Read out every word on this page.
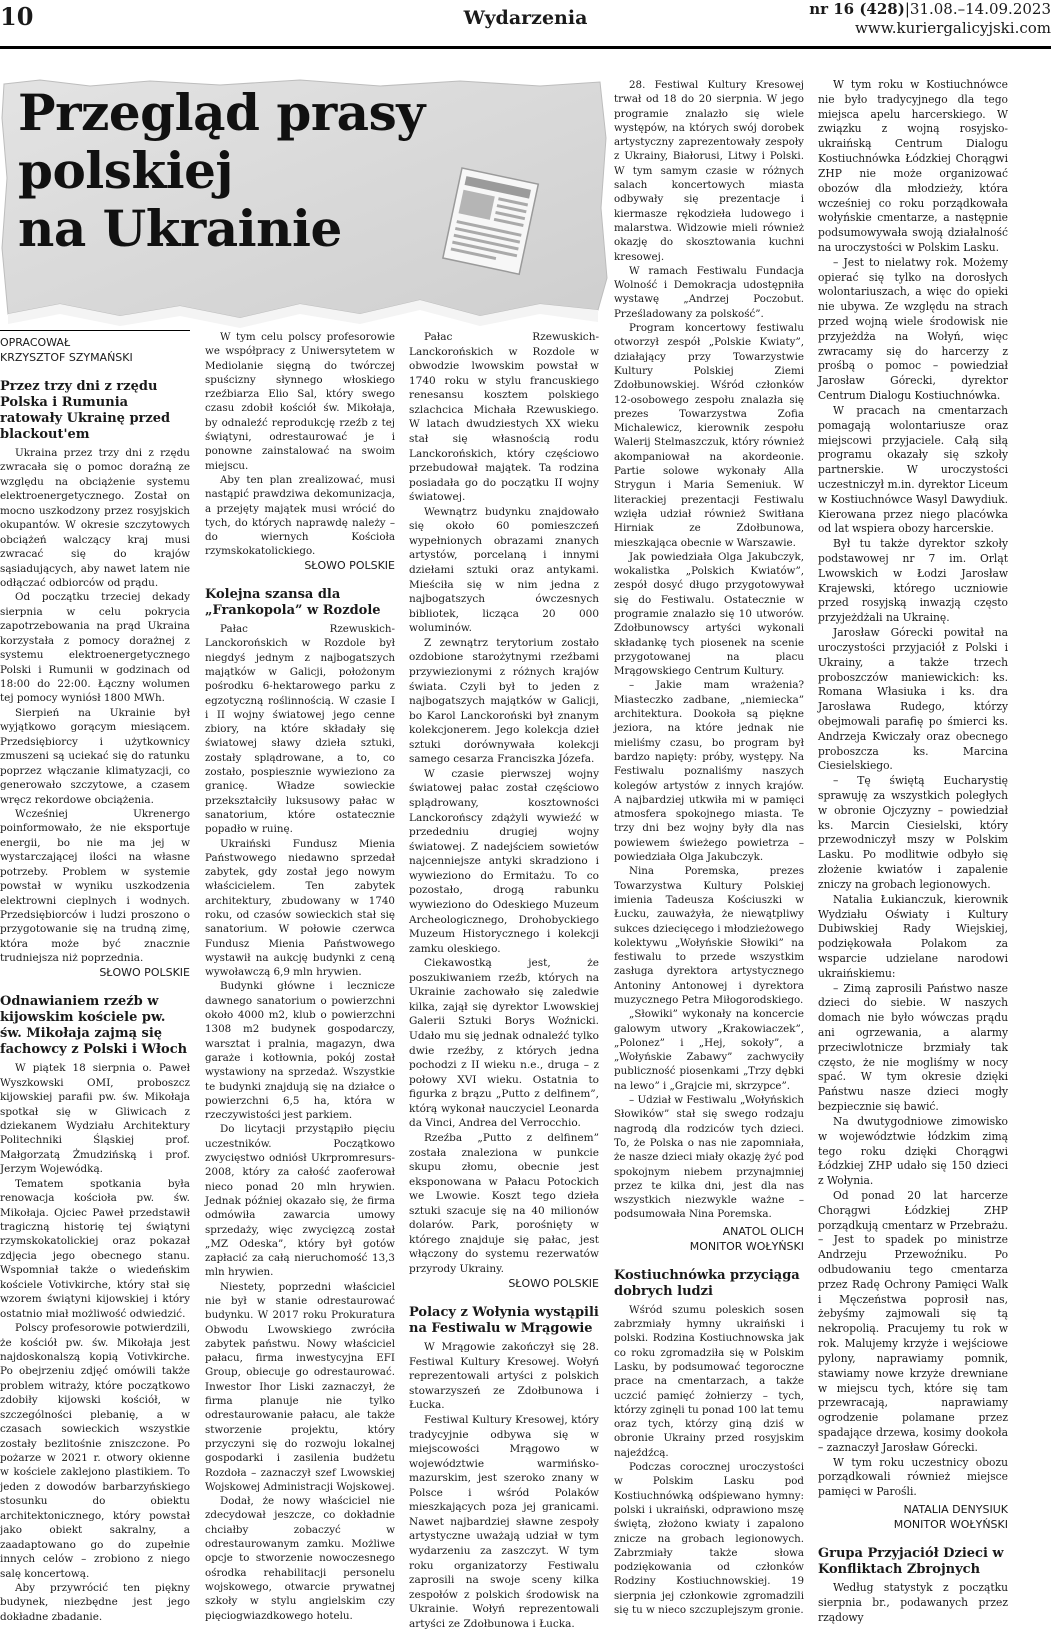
10	Wydarzenia	nr 16 (428)|31.08.–14.09.2023
www.kuriergalicyjski.com
Przegląd prasy
polskiej
na Ukrainie
OPRACOWAŁ
KRZYSZTOF SZYMAŃSKI
Przez trzy dni z rzędu Polska i Rumunia ratowały Ukrainę przed blackout'em

Ukraina przez trzy dni z rzędu zwracała się o pomoc doraźną ze względu na obciążenie systemu elektroenergetycznego. Został on mocno uszkodzony przez rosyjskich okupantów. W okresie szczytowych obciążeń walczący kraj musi zwracać się do krajów sąsiadujących, aby nawet latem nie odłączać odbiorców od prądu.

Od początku trzeciej dekady sierpnia w celu pokrycia zapotrzebowania na prąd Ukraina korzystała z pomocy dorażnej z systemu elektroenergetycznego Polski i Rumunii w godzinach od 18:00 do 22:00. Łączny wolumen tej pomocy wyniósł 1800 MWh.

Sierpień na Ukrainie był wyjątkowo gorącym miesiącem. Przedsiębiorcy i użytkownicy zmuszeni są uciekać się do ratunku poprzez włączanie klimatyzacji, co generowało szczytowe, a czasem wręcz rekordowe obciążenia.

Wcześniej Ukrenergo poinformowało, że nie eksportuje energii, bo nie ma jej w wystarczającej ilości na własne potrzeby. Problem w systemie powstał w wyniku uszkodzenia elektrowni cieplnych i wodnych. Przedsiębiorców i ludzi proszono o przygotowanie się na trudną zimę, która może być znacznie trudniejsza niż poprzednia.

SŁOWO POLSKIE

Odnawianiem rzeźb w kijowskim kościele pw. św. Mikołaja zajmą się fachowcy z Polski i Włoch

W piątek 18 sierpnia o. Paweł Wyszkowski OMI, proboszcz kijowskiej parafii pw. św. Mikołaja spotkał się w Gliwicach z dziekanem Wydziału Architektury Politechniki Śląskiej prof. Małgorzatą Żmudzińską i prof. Jerzym Wojewódką.

Tematem spotkania była renowacja kościoła pw. św. Mikołaja. Ojciec Paweł przedstawił tragiczną historię tej świątyni rzymskokatolickiej oraz pokazał zdjęcia jego obecnego stanu. Wspomniał także o wiedeńskim kościele Votivkirche, który stał się wzorem świątyni kijowskiej i który ostatnio miał możliwość odwiedzić.

Polscy profesorowie potwierdzili, że kościół pw. św. Mikołaja jest najdoskonalszą kopią Votivkirche. Po obejrzeniu zdjęć omówili także problem witraży, które początkowo zdobiły kijowski kościół, w szczególności plebanię, a w czasach sowieckich wszystkie zostały bezlitośnie zniszczone. Po pożarze w 2021 r. otwory okienne w kościele zaklejono plastikiem. To jeden z dowodów barbarzyńskiego stosunku do obiektu architektonicznego, który powstał jako obiekt sakralny, a zaadaptowano go do zupełnie innych celów – zrobiono z niego salę koncertową.

Aby przywrócić ten piękny budynek, niezbędne jest jego dokładne zbadanie.

W tym celu polscy profesorowie we współpracy z Uniwersytetem w Mediolanie sięgną do twórczej spuścizny słynnego włoskiego rzeźbiarza Elio Sal, który swego czasu zdobił kościół św. Mikołaja, by odnaleźć reprodukcję rzeźb z tej świątyni, odrestaurować je i ponowne zainstalować na swoim miejscu.

Aby ten plan zrealizować, musi nastąpić prawdziwa dekomunizacja, a przejęty majątek musi wrócić do tych, do których naprawdę należy – do wiernych Kościoła rzymskokatolickiego.

SŁOWO POLSKIE

Kolejna szansa dla „Frankopola” w Rozdole

Pałac Rzewuskich-Lanckorońskich w Rozdole był niegdyś jednym z najbogatszych majątków w Galicji, położonym pośrodku 6-hektarowego parku z egzotyczną roślinnością. W czasie I i II wojny światowej jego cenne zbiory, na które składały się światowej sławy dzieła sztuki, zostały splądrowane, a to, co zostało, pospiesznie wywieziono za granicę. Władze sowieckie przekształciły luksusowy pałac w sanatorium, które ostatecznie popadło w ruinę.

Ukraiński Fundusz Mienia Państwowego niedawno sprzedał zabytek, gdy został jego nowym właścicielem. Ten zabytek architektury, zbudowany w 1740 roku, od czasów sowieckich stał się sanatorium. W połowie czerwca Fundusz Mienia Państwowego wystawił na aukcję budynki z ceną wywoławczą 6,9 mln hrywien.

Budynki główne i lecznicze dawnego sanatorium o powierzchni około 4000 m2, klub o powierzchni 1308 m2 budynek gospodarczy, warsztat i pralnia, magazyn, dwa garaże i kotłownia, pokój został wystawiony na sprzedaż. Wszystkie te budynki znajdują się na działce o powierzchni 6,5 ha, która w rzeczywistości jest parkiem.

Do licytacji przystąpiło pięciu uczestników. Początkowo zwycięstwo odniósł Ukrpromresurs-2008, który za całość zaoferował nieco ponad 20 mln hrywien. Jednak później okazało się, że firma odmówiła zawarcia umowy sprzedaży, więc zwycięzcą został „MZ Odeska”, który był gotów zapłacić za całą nieruchomość 13,3 mln hrywien.

Niestety, poprzedni właściciel nie był w stanie odrestaurować budynku. W 2017 roku Prokuratura Obwodu Lwowskiego zwróciła zabytek państwu. Nowy właściciel pałacu, firma inwestycyjna EFI Group, obiecuje go odrestaurować. Inwestor Ihor Liski zaznaczył, że firma planuje nie tylko odrestaurowanie pałacu, ale także stworzenie projektu, który przyczyni się do rozwoju lokalnej gospodarki i zasilenia budżetu Rozdoła – zaznaczył szef Lwowskiej Wojskowej Administracji Wojskowej.

Dodał, że nowy właściciel nie zdecydował jeszcze, co dokładnie chciałby zobaczyć w odrestaurowanym zamku. Możliwe opcje to stworzenie nowoczesnego ośrodka rehabilitacji personelu wojskowego, otwarcie prywatnej szkoły w stylu angielskim czy pięciogwiazdkowego hotelu.

Pałac Rzewuskich-Lanckorońskich w Rozdole w obwodzie lwowskim powstał w 1740 roku w stylu francuskiego renesansu kosztem polskiego szlachcica Michała Rzewuskiego. W latach dwudziestych XX wieku stał się własnością rodu Lanckorońskich, który częściowo przebudował majątek. Ta rodzina posiadała go do początku II wojny światowej.

Wewnątrz budynku znajdowało się około 60 pomieszczeń wypełnionych obrazami znanych artystów, porcelaną i innymi dziełami sztuki oraz antykami. Mieściła się w nim jedna z najbogatszych ówczesnych bibliotek, licząca 20 000 woluminów.

Z zewnątrz terytorium zostało ozdobione starożytnymi rzeźbami przywiezionymi z różnych krajów świata. Czyli był to jeden z najbogatszych majątków w Galicji, bo Karol Lanckoroński był znanym kolekcjonerem. Jego kolekcja dzieł sztuki dorównywała kolekcji samego cesarza Franciszka Józefa.

W czasie pierwszej wojny światowej pałac został częściowo splądrowany, kosztowności Lanckorońscy zdążyli wywieźć w przededniu drugiej wojny światowej. Z nadejściem sowietów najcenniejsze antyki skradziono i wywieziono do Ermitażu. To co pozostało, drogą rabunku wywieziono do Odeskiego Muzeum Archeologicznego, Drohobyckiego Muzeum Historycznego i kolekcji zamku oleskiego.

Ciekawostką jest, że poszukiwaniem rzeźb, których na Ukrainie zachowało się zaledwie kilka, zajął się dyrektor Lwowskiej Galerii Sztuki Borys Woźnicki. Udało mu się jednak odnaleźć tylko dwie rzeźby, z których jedna pochodzi z II wieku n.e., druga – z połowy XVI wieku. Ostatnia to figurka z brązu „Putto z delfinem”, którą wykonał nauczyciel Leonarda da Vinci, Andrea del Verrocchio.

Rzeźba „Putto z delfinem” została znaleziona w punkcie skupu złomu, obecnie jest eksponowana w Pałacu Potockich we Lwowie. Koszt tego dzieła sztuki szacuje się na 40 milionów dolarów. Park, porośnięty w którego znajduje się pałac, jest włączony do systemu rezerwatów przyrody Ukrainy.

SŁOWO POLSKIE

Polacy z Wołynia wystąpili na Festiwalu w Mrągowie

W Mrągowie zakończył się 28. Festiwal Kultury Kresowej. Wołyń reprezentowali artyści z polskich stowarzyszeń ze Zdołbunowa i Łucka.

Festiwal Kultury Kresowej, który tradycyjnie odbywa się w miejscowości Mrągowo w województwie warmińsko-mazurskim, jest szeroko znany w Polsce i wśród Polaków mieszkających poza jej granicami. Nawet najbardziej sławne zespoły artystyczne uważają udział w tym wydarzeniu za zaszczyt. W tym roku organizatorzy Festiwalu zaprosili na swoje sceny kilka zespołów z polskich środowisk na Ukrainie. Wołyń reprezentowali artyści ze Zdołbunowa i Łucka.

28. Festiwal Kultury Kresowej trwał od 18 do 20 sierpnia. W jego programie znalazło się wiele występów, na których swój dorobek artystyczny zaprezentowały zespoły z Ukrainy, Białorusi, Litwy i Polski. W tym samym czasie w różnych salach koncertowych miasta odbywały się prezentacje i kiermasze rękodzieła ludowego i malarstwa. Widzowie mieli również okazję do skosztowania kuchni kresowej.

W ramach Festiwalu Fundacja Wolność i Demokracja udostępniła wystawę „Andrzej Poczobut. Prześladowany za polskość”.

Program koncertowy festiwalu otworzył zespół „Polskie Kwiaty”, działający przy Towarzystwie Kultury Polskiej Ziemi Zdołbunowskiej. Wśród członków 12-osobowego zespołu znalazła się prezes Towarzystwa Zofia Michalewicz, kierownik zespołu Walerij Stelmaszczuk, który również akompaniował na akordeonie. Partie solowe wykonały Alla Strygun i Maria Semeniuk. W literackiej prezentacji Festiwalu wzięła udział również Switłana Hirniak ze Zdołbunowa, mieszkająca obecnie w Warszawie.

Jak powiedziała Olga Jakubczyk, wokalistka „Polskich Kwiatów”, zespół dosyć długo przygotowywał się do Festiwalu. Ostatecznie w programie znalazło się 10 utworów. Zdołbunowscy artyści wykonali składankę tych piosenek na scenie przygotowanej na placu Mrągowskiego Centrum Kultury.

– Jakie mam wrażenia? Miasteczko zadbane, „niemiecka” architektura. Dookoła są piękne jeziora, na które jednak nie mieliśmy czasu, bo program był bardzo napięty: próby, występy. Na Festiwalu poznaliśmy naszych kolegów artystów z innych krajów. A najbardziej utkwiła mi w pamięci atmosfera spokojnego miasta. Te trzy dni bez wojny były dla nas powiewem świeżego powietrza – powiedziała Olga Jakubczyk.

Nina Poremska, prezes Towarzystwa Kultury Polskiej imienia Tadeusza Kościuszki w Łucku, zauważyła, że niewątpliwy sukces dziecięcego i młodzieżowego kolektywu „Wołyńskie Słowiki” na festiwalu to przede wszystkim zasługa dyrektora artystycznego Antoniny Antonowej i dyrektora muzycznego Petra Miłogorodskiego.

„Słowiki” wykonały na koncercie galowym utwory „Krakowiaczek”, „Polonez” i „Hej, sokoły”, a „Wołyńskie Zabawy” zachwyciły publiczność piosenkami „Trzy dębki na lewo” i „Grajcie mi, skrzypce”.

– Udział w Festiwalu „Wołyńskich Słowików” stał się swego rodzaju nagrodą dla rodziców tych dzieci. To, że Polska o nas nie zapomniała, że nasze dzieci miały okazję żyć pod spokojnym niebem przynajmniej przez te kilka dni, jest dla nas wszystkich niezwykle ważne – podsumowała Nina Poremska.

ANATOL OLICH
MONITOR WOŁYŃSKI
Kostiuchnówka przyciąga dobrych ludzi

Wśród szumu poleskich sosen zabrzmiały hymny ukraiński i polski. Rodzina Kostiuchnowska jak co roku zgromadziła się w Polskim Lasku, by podsumować tegoroczne prace na cmentarzach, a także uczcić pamięć żołnierzy – tych, którzy zginęli tu ponad 100 lat temu oraz tych, którzy giną dziś w obronie Ukrainy przed rosyjskim najeźdźcą.

Podczas corocznej uroczystości w Polskim Lasku pod Kostiuchnówką odśpiewano hymny: polski i ukraiński, odprawiono mszę świętą, złożono kwiaty i zapalono znicze na grobach legionowych. Zabrzmiały także słowa podziękowania od członków Rodziny Kostiuchnowskiej. 19 sierpnia jej członkowie zgromadzili się tu w nieco szczuplejszym gronie.

W tym roku w Kostiuchnówce nie było tradycyjnego dla tego miejsca apelu harcerskiego. W związku z wojną rosyjsko-ukraińską Centrum Dialogu Kostiuchnówka Łódzkiej Chorągwi ZHP nie może organizować obozów dla młodzieży, która wcześniej co roku porządkowała wołyńskie cmentarze, a następnie podsumowywała swoją działalność na uroczystości w Polskim Lasku.

– Jest to nielatwy rok. Możemy opierać się tylko na dorosłych wolontariuszach, a więc do opieki nie ubywa. Ze względu na strach przed wojną wiele środowisk nie przyjeżdża na Wołyń, więc zwracamy się do harcerzy z prośbą o pomoc – powiedział Jarosław Górecki, dyrektor Centrum Dialogu Kostiuchnówka.

W pracach na cmentarzach pomagają wolontariusze oraz miejscowi przyjaciele. Całą siłą programu okazały się szkoły partnerskie. W uroczystości uczestniczył m.in. dyrektor Liceum w Kostiuchnówce Wasyl Dawydiuk. Kierowana przez niego placówka od lat wspiera obozy harcerskie.

Był tu także dyrektor szkoły podstawowej nr 7 im. Orląt Lwowskich w Łodzi Jarosław Krajewski, którego uczniowie przed rosyjską inwazją często przyjeżdżali na Ukrainę.

Jarosław Górecki powitał na uroczystości przyjaciół z Polski i Ukrainy, a także trzech proboszczów maniewickich: ks. Romana Własiuka i ks. dra Jarosława Rudego, którzy obejmowali parafię po śmierci ks. Andrzeja Kwiczały oraz obecnego proboszcza ks. Marcina Ciesielskiego.

– Tę świętą Eucharystię sprawuję za wszystkich poległych w obronie Ojczyzny – powiedział ks. Marcin Ciesielski, który przewodniczył mszy w Polskim Lasku. Po modlitwie odbyło się złożenie kwiatów i zapalenie zniczy na grobach legionowych.

Natalia Łukianczuk, kierownik Wydziału Oświaty i Kultury Dubiwskiej Rady Wiejskiej, podziękowała Polakom za wsparcie udzielane narodowi ukraińskiemu:

– Zimą zaprosili Państwo nasze dzieci do siebie. W naszych domach nie było wówczas prądu ani ogrzewania, a alarmy przeciwlotnicze brzmiały tak często, że nie mogliśmy w nocy spać. W tym okresie dzięki Państwu nasze dzieci mogły bezpiecznie się bawić.

Na dwutygodniowe zimowisko w województwie łódzkim zimą tego roku dzięki Chorągwi Łódzkiej ZHP udało się 150 dzieci z Wołynia.

Od ponad 20 lat harcerze Chorągwi Łódzkiej ZHP porządkują cmentarz w Przebrażu. – Jest to spadek po ministrze Andrzeju Przewoźniku. Po odbudowaniu tego cmentarza przez Radę Ochrony Pamięci Walk i Męczeństwa poprosił nas, żebyśmy zajmowali się tą nekropolią. Pracujemy tu rok w rok. Malujemy krzyże i wejściowe pylony, naprawiamy pomnik, stawiamy nowe krzyże drewniane w miejscu tych, które się tam przewracają, naprawiamy ogrodzenie polamane przez spadające drzewa, kosimy dookoła – zaznaczył Jarosław Górecki.

W tym roku uczestnicy obozu porządkowali również miejsce pamięci w Parośli.

NATALIA DENYSIUK
MONITOR WOŁYŃSKI
Grupa Przyjaciół Dzieci w Konfliktach Zbrojnych

Według statystyk z początku sierpnia br., podawanych przez rządowy
